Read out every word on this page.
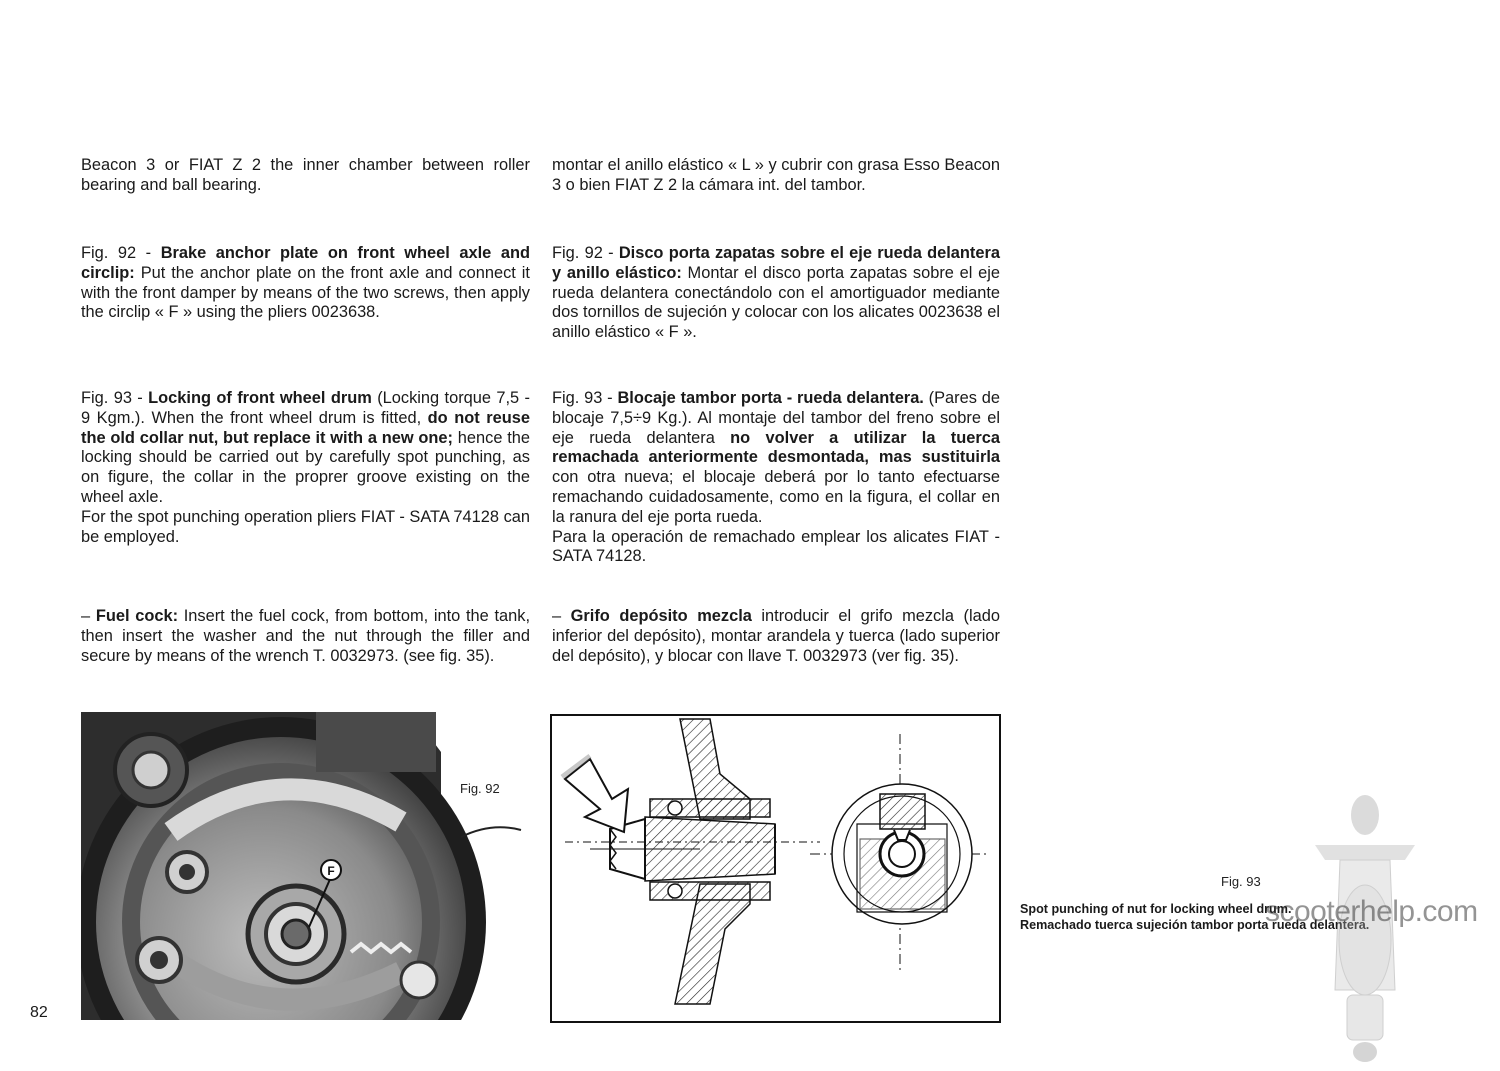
Beacon 3 or FIAT Z 2 the inner chamber between roller bearing and ball bearing.

Fig. 92 - Brake anchor plate on front wheel axle and circlip: Put the anchor plate on the front axle and connect it with the front damper by means of the two screws, then apply the circlip « F » using the pliers 0023638.

Fig. 93 - Locking of front wheel drum (Locking torque 7,5 - 9 Kgm.). When the front wheel drum is fitted, do not reuse the old collar nut, but replace it with a new one; hence the locking should be carried out by carefully spot punching, as on figure, the collar in the proprer groove existing on the wheel axle.
For the spot punching operation pliers FIAT - SATA 74128 can be employed.

– Fuel cock: Insert the fuel cock, from bottom, into the tank, then insert the washer and the nut through the filler and secure by means of the wrench T. 0032973. (see fig. 35).

montar el anillo elástico « L » y cubrir con grasa Esso Beacon 3 o bien FIAT Z 2 la cámara int. del tambor.

Fig. 92 - Disco porta zapatas sobre el eje rueda delantera y anillo elástico: Montar el disco porta zapatas sobre el eje rueda delantera conectándolo con el amortiguador mediante dos tornillos de sujeción y colocar con los alicates 0023638 el anillo elástico « F ».

Fig. 93 - Blocaje tambor porta - rueda delantera. (Pares de blocaje 7,5÷9 Kg.). Al montaje del tambor del freno sobre el eje rueda delantera no volver a utilizar la tuerca remachada anteriormente desmontada, mas sustituirla con otra nueva; el blocaje deberá por lo tanto efectuarse remachando cuidadosamente, como en la figura, el collar en la ranura del eje porta rueda.
Para la operación de remachado emplear los alicates FIAT - SATA 74128.

– Grifo depósito mezcla introducir el grifo mezcla (lado inferior del depósito), montar arandela y tuerca (lado superior del depósito), y blocar con llave T. 0032973 (ver fig. 35).

F
Fig. 92
Fig. 93
Spot punching of nut for locking wheel drum.
Remachado tuerca sujeción tambor porta rueda delantera.
scooterhelp.com
82
